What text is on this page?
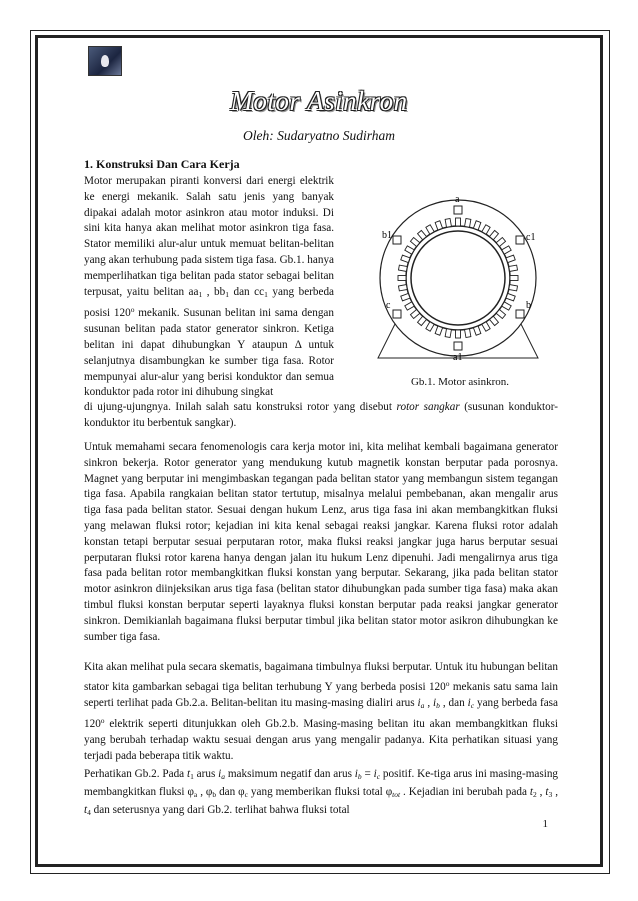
Motor Asinkron
Oleh: Sudaryatno Sudirham
1. Konstruksi Dan Cara Kerja

Motor merupakan piranti konversi dari energi elektrik ke energi mekanik. Salah satu jenis yang banyak dipakai adalah motor asinkron atau motor induksi. Di sini kita hanya akan melihat motor asinkron tiga fasa. Stator memiliki alur-alur untuk memuat belitan-belitan yang akan terhubung pada sistem tiga fasa. Gb.1. hanya memperlihatkan tiga belitan pada stator sebagai belitan terpusat, yaitu belitan $aa_1$ , $bb_1$ dan $cc_1$ yang berbeda posisi 120$^o$ mekanik. Susunan belitan ini sama dengan susunan belitan pada stator generator sinkron. Ketiga belitan ini dapat dihubungkan Y ataupun Δ untuk selanjutnya disambungkan ke sumber tiga fasa. Rotor mempunyai alur-alur yang berisi konduktor dan semua konduktor pada rotor ini dihubung singkat

di ujung-ujungnya. Inilah salah satu konstruksi rotor yang disebut rotor sangkar (susunan konduktor-konduktor itu berbentuk sangkar).

a
a1
b1	c1
c	b
Gb.1. Motor asinkron.
Untuk memahami secara fenomenologis cara kerja motor ini, kita melihat kembali bagaimana generator sinkron bekerja. Rotor generator yang mendukung kutub magnetik konstan berputar pada porosnya. Magnet yang berputar ini mengimbaskan tegangan pada belitan stator yang membangun sistem tegangan tiga fasa. Apabila rangkaian belitan stator tertutup, misalnya melalui pembebanan, akan mengalir arus tiga fasa pada belitan stator. Sesuai dengan hukum Lenz, arus tiga fasa ini akan membangkitkan fluksi yang melawan fluksi rotor; kejadian ini kita kenal sebagai reaksi jangkar. Karena fluksi rotor adalah konstan tetapi berputar sesuai perputaran rotor, maka fluksi reaksi jangkar juga harus berputar sesuai perputaran fluksi rotor karena hanya dengan jalan itu hukum Lenz dipenuhi. Jadi mengalirnya arus tiga fasa pada belitan rotor membangkitkan fluksi konstan yang berputar. Sekarang, jika pada belitan stator motor asinkron diinjeksikan arus tiga fasa (belitan stator dihubungkan pada sumber tiga fasa) maka akan timbul fluksi konstan berputar seperti layaknya fluksi konstan berputar pada reaksi jangkar generator sinkron. Demikianlah bagaimana fluksi berputar timbul jika belitan stator motor asikron dihubungkan ke sumber tiga fasa.

Kita akan melihat pula secara skematis, bagaimana timbulnya fluksi berputar. Untuk itu hubungan belitan stator kita gambarkan sebagai tiga belitan terhubung Y yang berbeda posisi 120$^o$ mekanis satu sama lain seperti terlihat pada Gb.2.a. Belitan-belitan itu masing-masing dialiri arus $i_a$ , $i_b$ , dan $i_c$ yang berbeda fasa 120$^o$ elektrik seperti ditunjukkan oleh Gb.2.b. Masing-masing belitan itu akan membangkitkan fluksi yang berubah terhadap waktu sesuai dengan arus yang mengalir padanya. Kita perhatikan situasi yang terjadi pada beberapa titik waktu.

Perhatikan Gb.2. Pada $t_1$ arus $i_a$ maksimum negatif dan arus $i_b = i_c$ positif. Ke-tiga arus ini masing-masing membangkitkan fluksi $\varphi_a$ , $\varphi_b$ dan $\varphi_c$ yang memberikan fluksi total $\varphi_{tot}$ . Kejadian ini berubah pada $t_2$ , $t_3$ , $t_4$ dan seterusnya yang dari Gb.2. terlihat bahwa fluksi total

1
